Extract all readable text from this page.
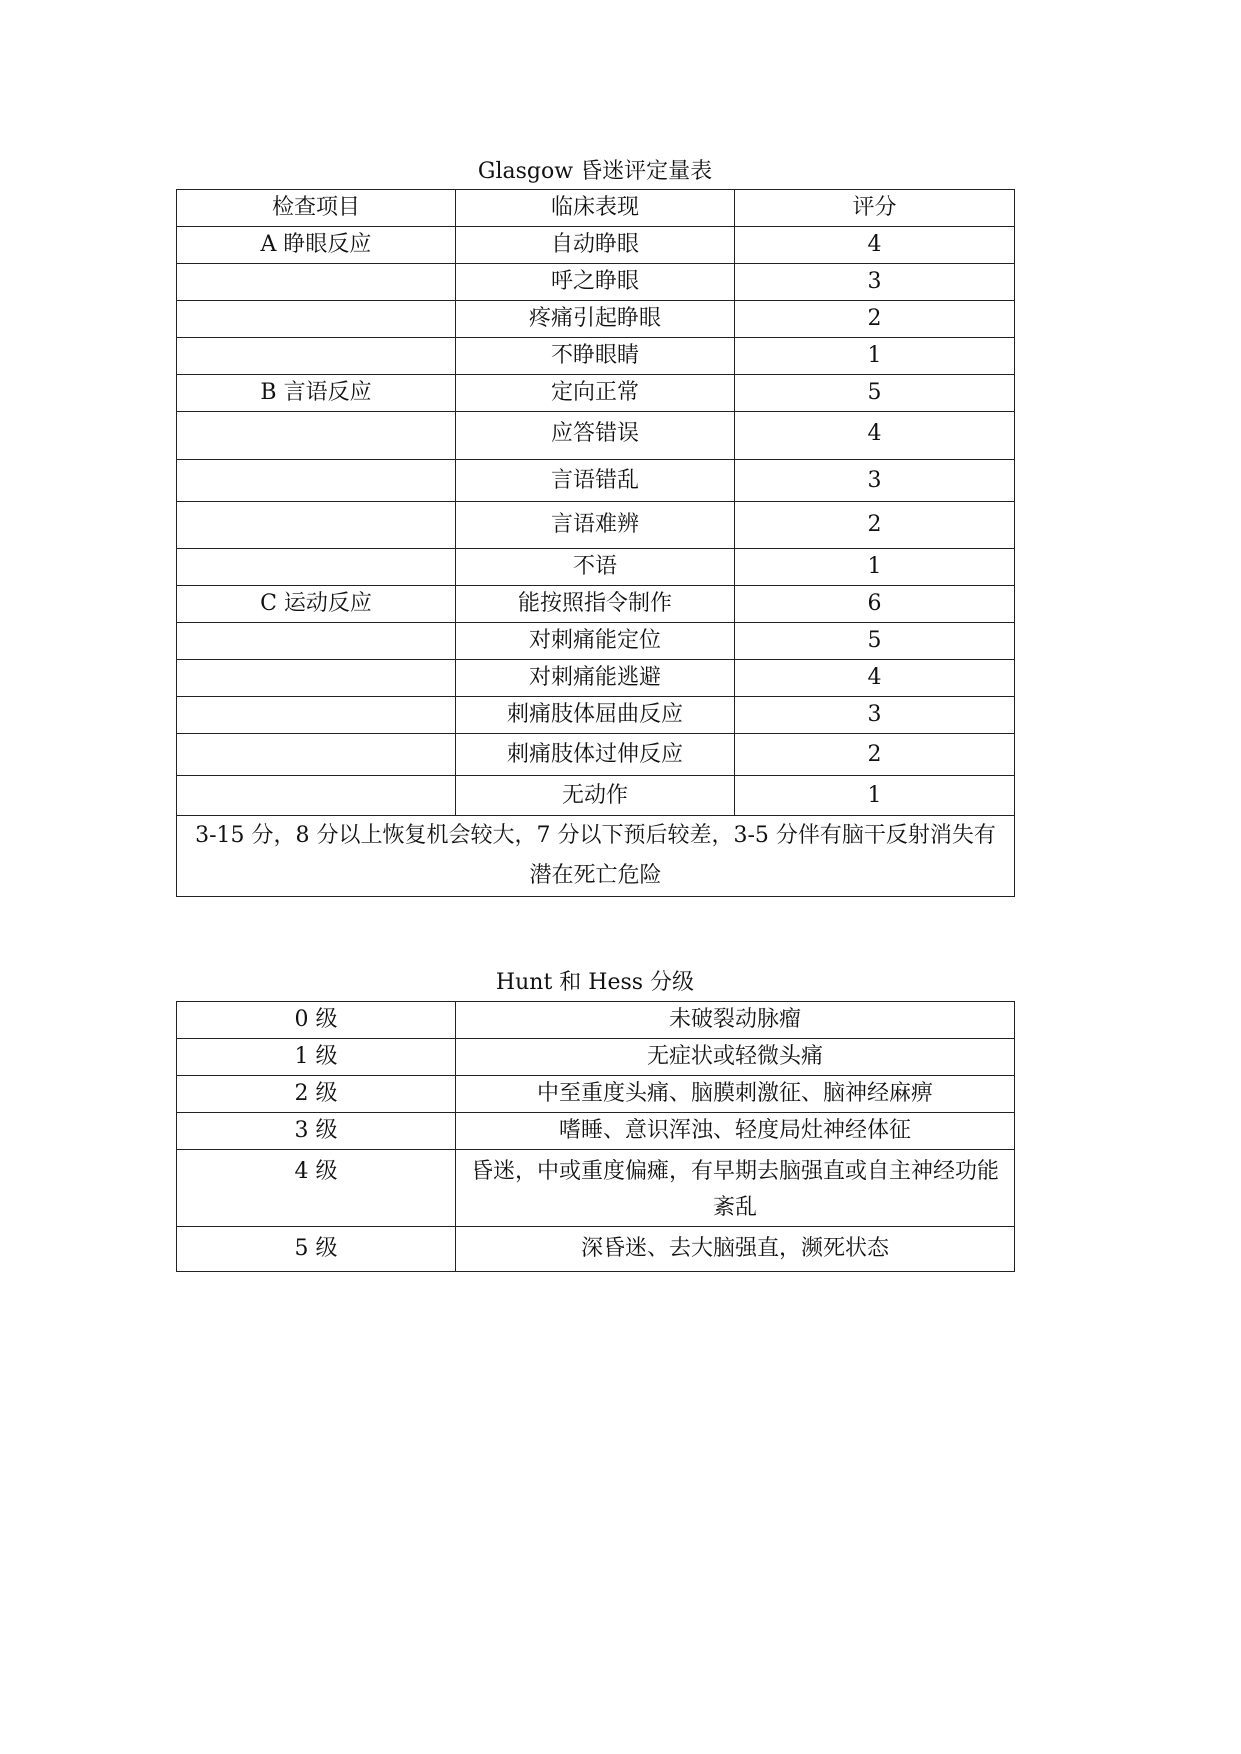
Glasgow 昏迷评定量表
检查项目	临床表现	评分
A 睁眼反应	自动睁眼	4
	呼之睁眼	3
	疼痛引起睁眼	2
	不睁眼睛	1
B 言语反应	定向正常	5
	应答错误	4
	言语错乱	3
	言语难辨	2
	不语	1
C 运动反应	能按照指令制作	6
	对刺痛能定位	5
	对刺痛能逃避	4
	刺痛肢体屈曲反应	3
	刺痛肢体过伸反应	2
	无动作	1
3-15 分，8 分以上恢复机会较大，7 分以下预后较差，3-5 分伴有脑干反射消失有潜在死亡危险		
Hunt 和 Hess 分级
0 级	未破裂动脉瘤
1 级	无症状或轻微头痛
2 级	中至重度头痛、脑膜刺激征、脑神经麻痹
3 级	嗜睡、意识浑浊、轻度局灶神经体征
4 级	昏迷，中或重度偏瘫，有早期去脑强直或自主神经功能紊乱
5 级	深昏迷、去大脑强直，濒死状态
